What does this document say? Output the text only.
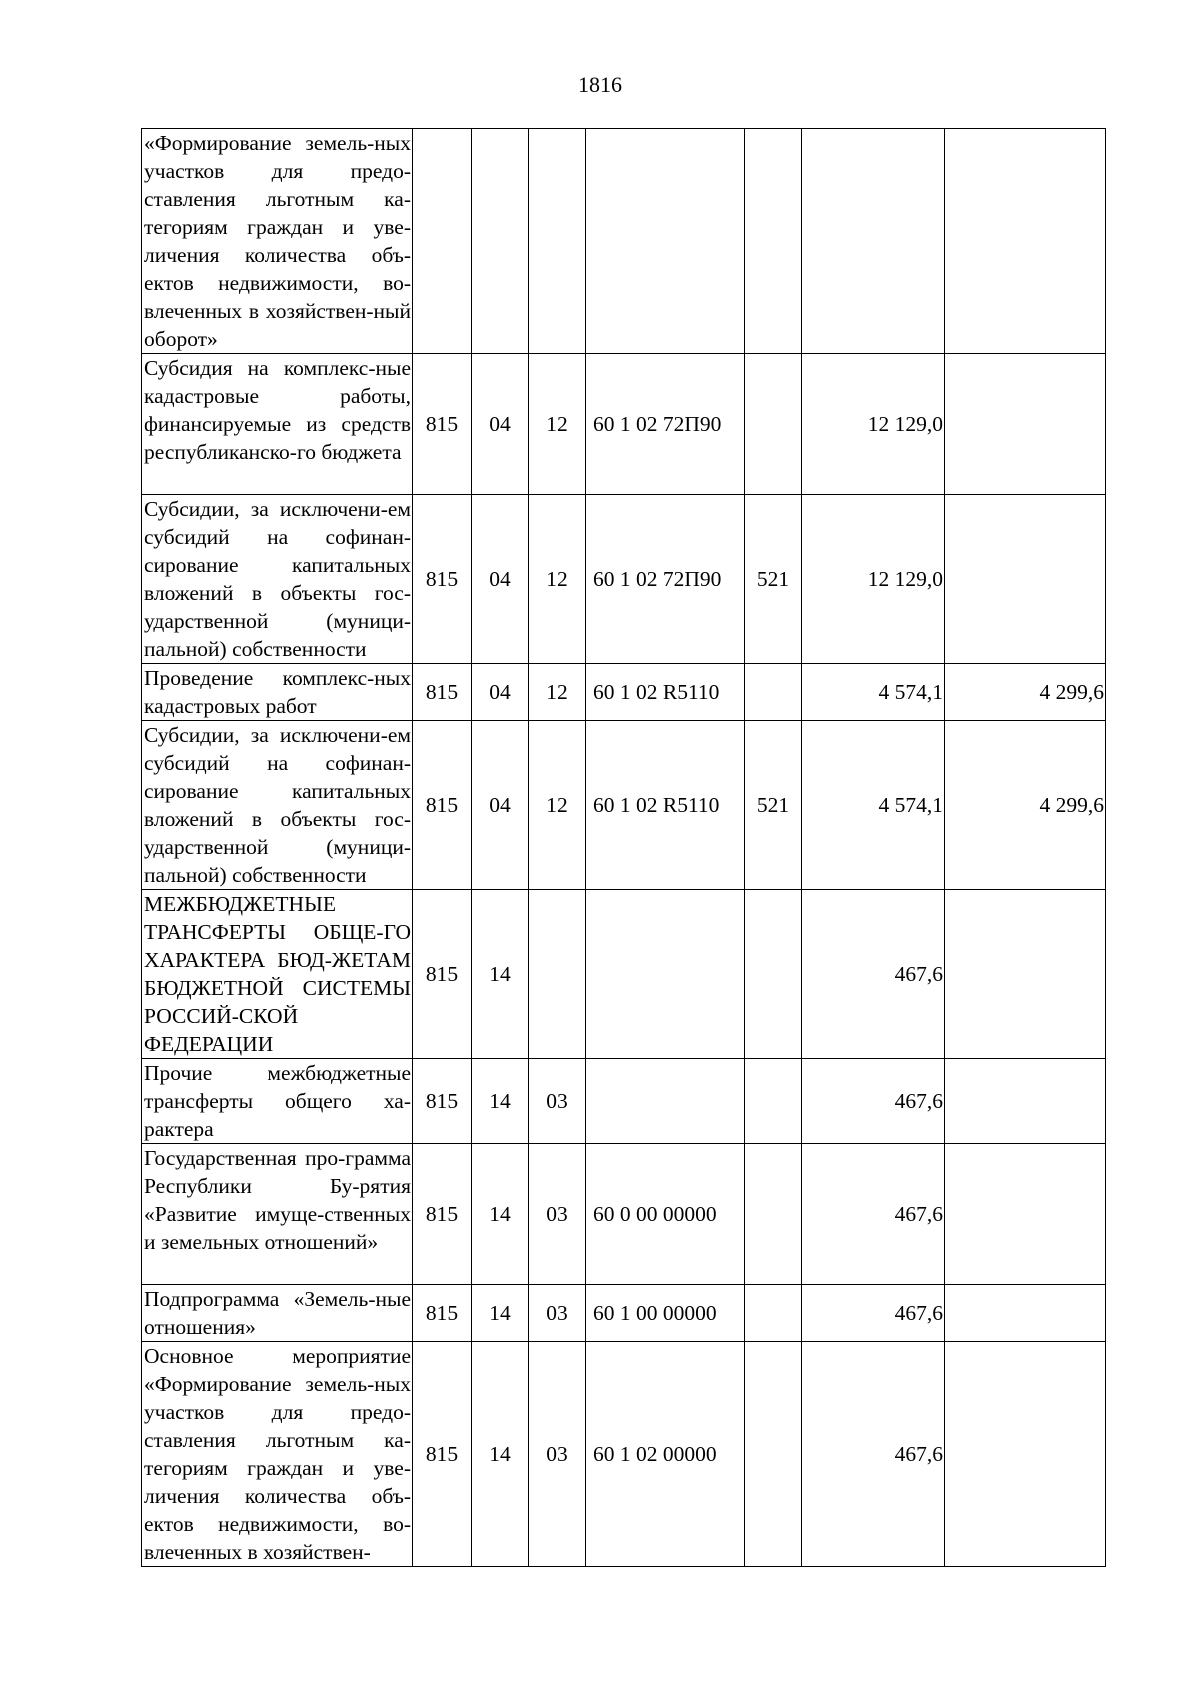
1816
«Формирование земель-ных участков для предо-ставления льготным ка-тегориям граждан и уве-личения количества объ-ектов недвижимости, во-влеченных в хозяйствен-ный оборот»							
Субсидия на комплекс-ные кадастровые работы, финансируемые из средств республиканско-го бюджета	815	04	12	60 1 02 72П90		12 129,0	
Субсидии, за исключени-ем субсидий на софинан-сирование капитальных вложений в объекты гос-ударственной (муници-пальной) собственности	815	04	12	60 1 02 72П90	521	12 129,0	
Проведение комплекс-ных кадастровых работ	815	04	12	60 1 02 R5110		4 574,1	4 299,6
Субсидии, за исключени-ем субсидий на софинан-сирование капитальных вложений в объекты гос-ударственной (муници-пальной) собственности	815	04	12	60 1 02 R5110	521	4 574,1	4 299,6
МЕЖБЮДЖЕТНЫЕ ТРАНСФЕРТЫ ОБЩЕ-ГО ХАРАКТЕРА БЮД-ЖЕТАМ БЮДЖЕТНОЙ СИСТЕМЫ РОССИЙ-СКОЙ ФЕДЕРАЦИИ	815	14				467,6	
Прочие межбюджетные трансферты общего ха-рактера	815	14	03			467,6	
Государственная про-грамма Республики Бу-рятия «Развитие имуще-ственных и земельных отношений»	815	14	03	60 0 00 00000		467,6	
Подпрограмма «Земель-ные отношения»	815	14	03	60 1 00 00000		467,6	
Основное мероприятие «Формирование земель-ных участков для предо-ставления льготным ка-тегориям граждан и уве-личения количества объ-ектов недвижимости, во-влеченных в хозяйствен-	815	14	03	60 1 02 00000		467,6	
